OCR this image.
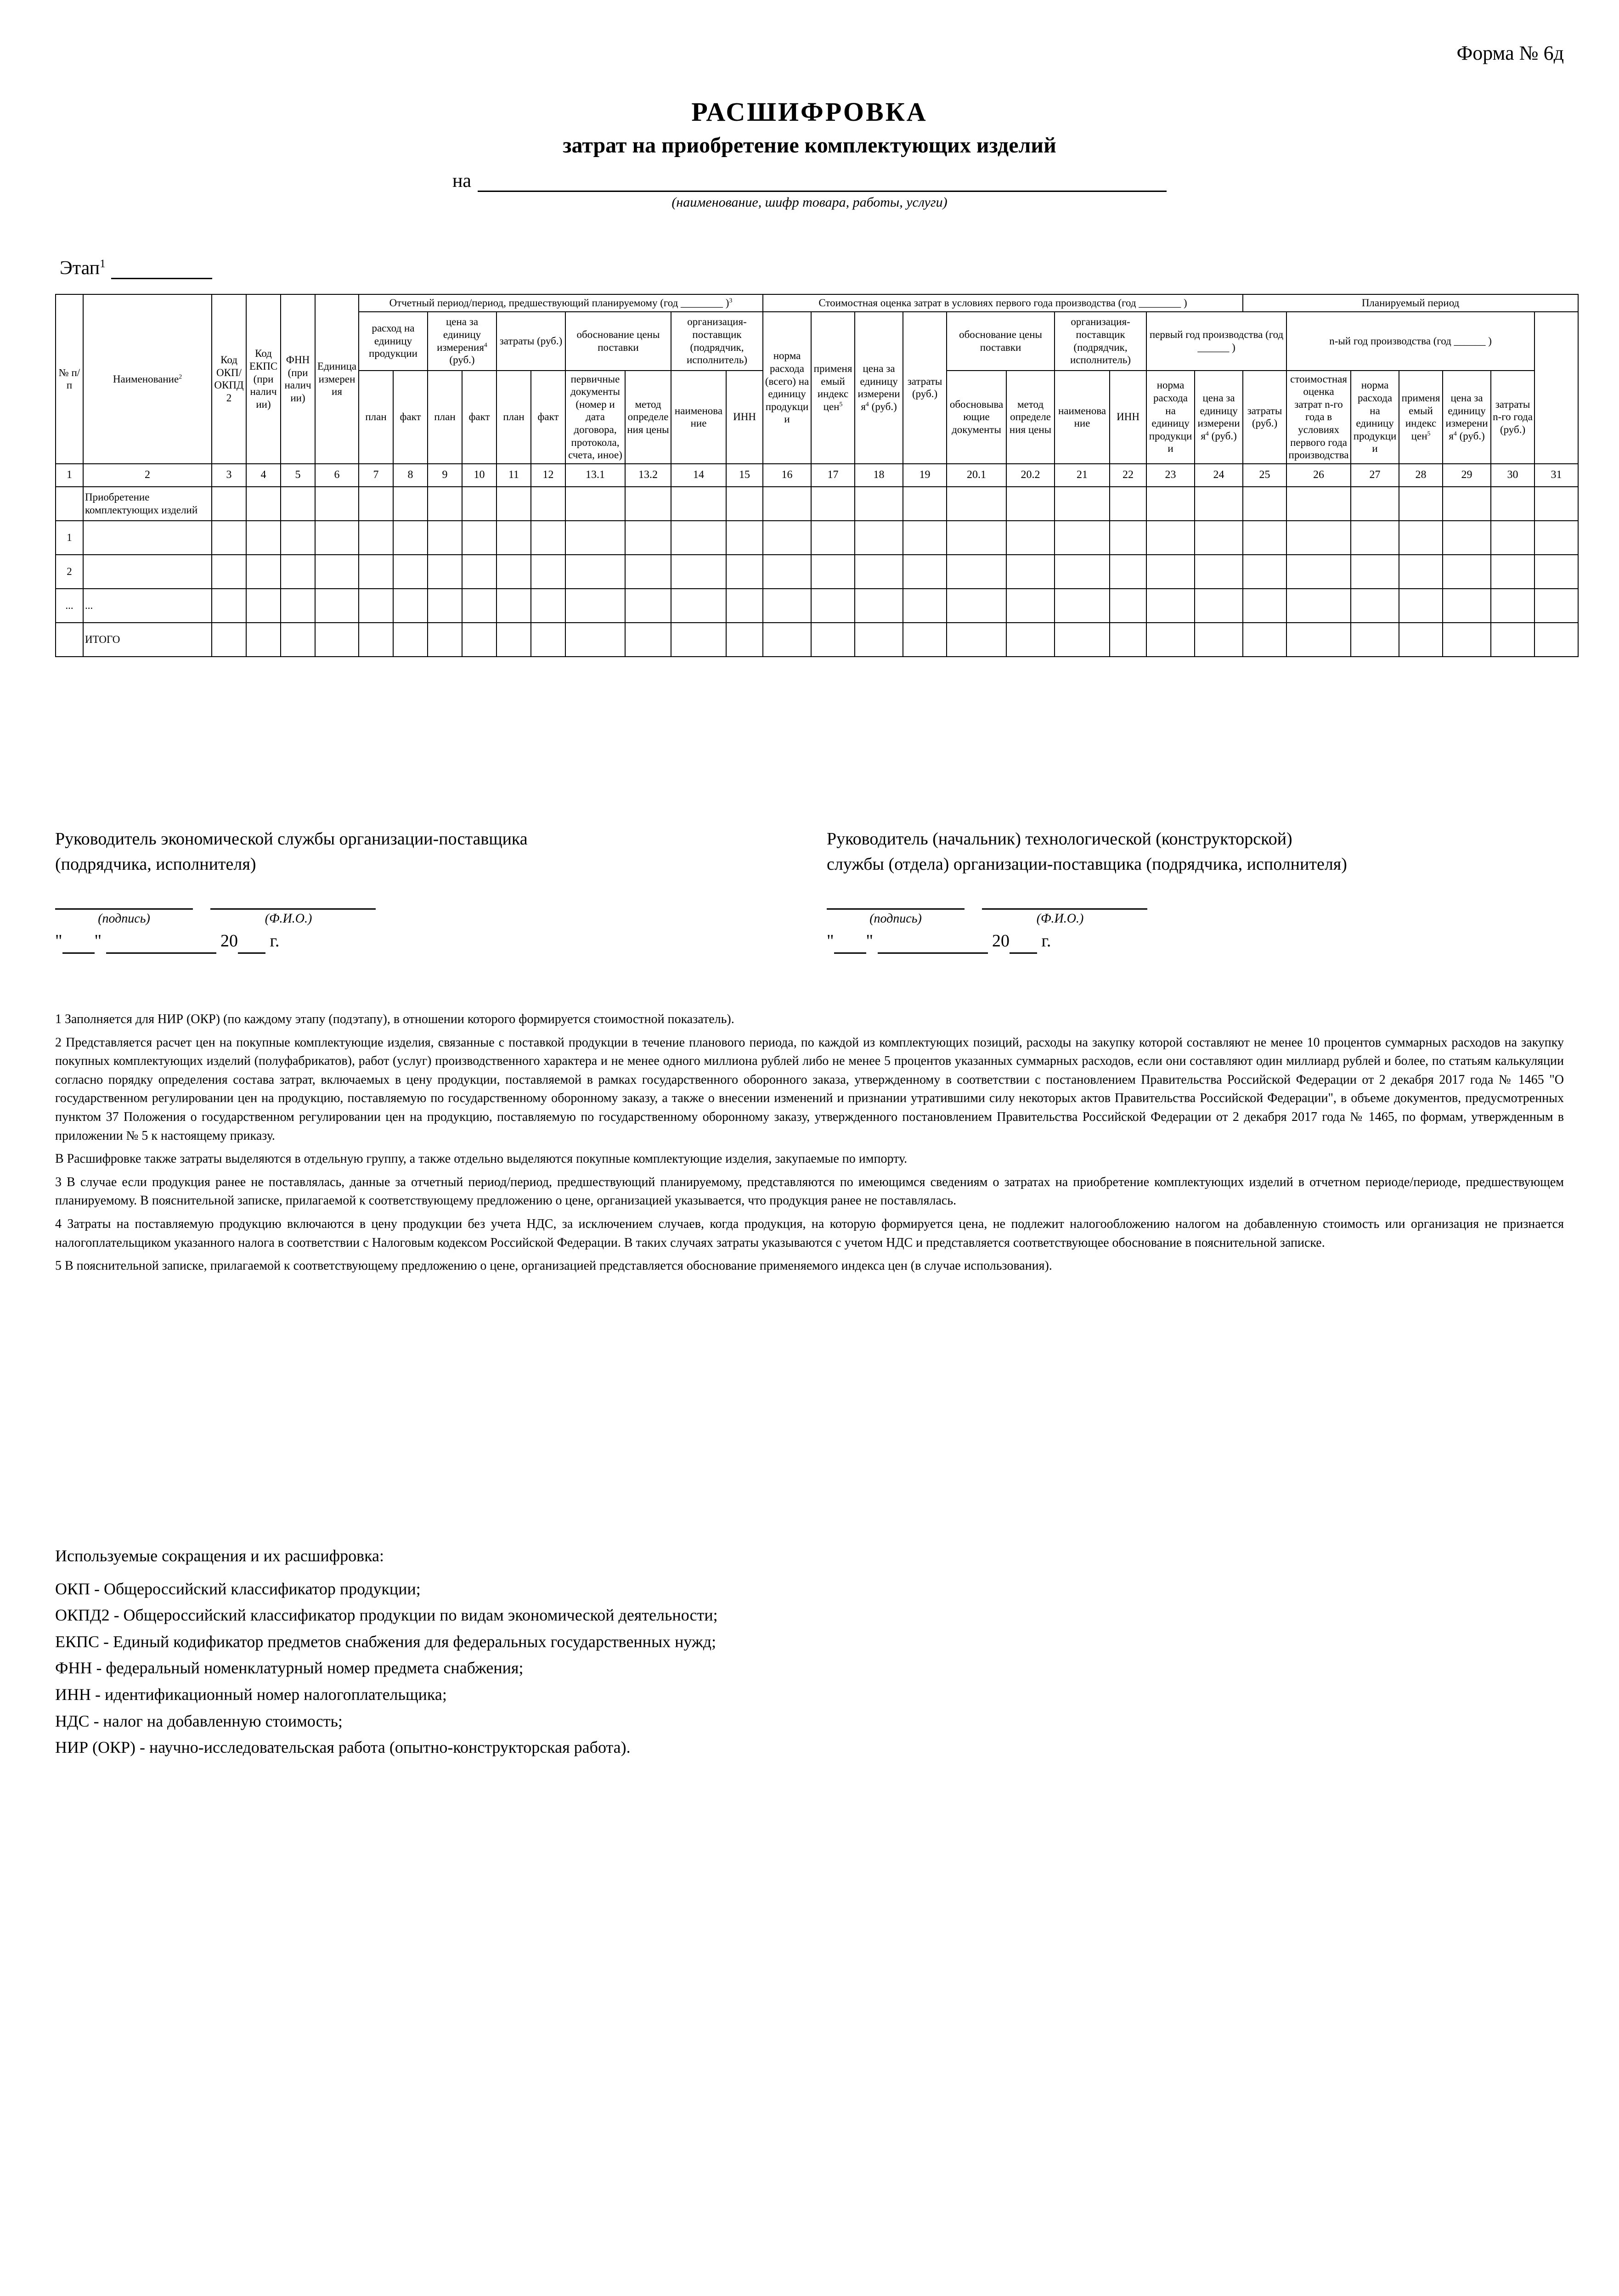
Форма № 6д
РАСШИФРОВКА
затрат на приобретение комплектующих изделий
на
(наименование, шифр товара, работы, услуги)
Этап$^1$
№ п/п	Наименование$^2$	Код ОКП/ОКПД2	Код ЕКПС (при наличии)	ФНН (при наличии)	Единица измерения	Отчетный период/период, предшествующий планируемому (год ________ )$^3$										Стоимостная оценка затрат в условиях первого года производства (год ________ )										Планируемый период	
						расход на единицу продукции		цена за единицу измерения$^4$ (руб.)		затраты (руб.)		обоснование цены поставки		организация-поставщик (подрядчик, исполнитель)		норма расхода (всего) на единицу продукции	применяемый индекс цен$^5$	цена за единицу измерения$^4$ (руб.)	затраты (руб.)	обоснование цены поставки		организация-поставщик (подрядчик, исполнитель)		первый год производства (год ______ )			n-ый год производства (год ______ )						
						план	факт	план	факт	план	факт	первичные документы (номер и дата договора, протокола, счета, иное)	метод определения цены	наименование	ИНН					обосновывающие документы	метод определения цены	наименование	ИНН	норма расхода на единицу продукции	цена за единицу измерения$^4$ (руб.)	затраты (руб.)	стоимостная оценка затрат n-го года в условиях первого года производства	норма расхода на единицу продукции	применяемый индекс цен$^5$	цена за единицу измерения$^4$ (руб.)	затраты n-го года (руб.)		
1	2	3	4	5	6	7	8	9	10	11	12	13.1	13.2	14	15	16	17	18	19	20.1	20.2	21	22	23	24	25	26	27	28	29	30	31	
	Приобретение комплектующих изделий																																
1																																	
2																																	
...	...																																
	ИТОГО																																
Руководитель экономической службы организации-поставщика
(подрядчика, исполнителя)

(подпись)	(Ф.И.О.)
" "	20 г.
Руководитель (начальник) технологической (конструкторской)
службы (отдела) организации-поставщика (подрядчика, исполнителя)

(подпись)	(Ф.И.О.)
" "	20 г.

1 Заполняется для НИР (ОКР) (по каждому этапу (подэтапу), в отношении которого формируется стоимостной показатель).

2 Представляется расчет цен на покупные комплектующие изделия, связанные с поставкой продукции в течение планового периода, по каждой из комплектующих позиций, расходы на закупку которой составляют не менее 10 процентов суммарных расходов на закупку покупных комплектующих изделий (полуфабрикатов), работ (услуг) производственного характера и не менее одного миллиона рублей либо не менее 5 процентов указанных суммарных расходов, если они составляют один миллиард рублей и более, по статьям калькуляции согласно порядку определения состава затрат, включаемых в цену продукции, поставляемой в рамках государственного оборонного заказа, утвержденному в соответствии с постановлением Правительства Российской Федерации от 2 декабря 2017 года № 1465 "О государственном регулировании цен на продукцию, поставляемую по государственному оборонному заказу, а также о внесении изменений и признании утратившими силу некоторых актов Правительства Российской Федерации", в объеме документов, предусмотренных пунктом 37 Положения о государственном регулировании цен на продукцию, поставляемую по государственному оборонному заказу, утвержденного постановлением Правительства Российской Федерации от 2 декабря 2017 года № 1465, по формам, утвержденным в приложении № 5 к настоящему приказу.

В Расшифровке также затраты выделяются в отдельную группу, а также отдельно выделяются покупные комплектующие изделия, закупаемые по импорту.

3 В случае если продукция ранее не поставлялась, данные за отчетный период/период, предшествующий планируемому, представляются по имеющимся сведениям о затратах на приобретение комплектующих изделий в отчетном периоде/периоде, предшествующем планируемому. В пояснительной записке, прилагаемой к соответствующему предложению о цене, организацией указывается, что продукция ранее не поставлялась.

4 Затраты на поставляемую продукцию включаются в цену продукции без учета НДС, за исключением случаев, когда продукция, на которую формируется цена, не подлежит налогообложению налогом на добавленную стоимость или организация не признается налогоплательщиком указанного налога в соответствии с Налоговым кодексом Российской Федерации. В таких случаях затраты указываются с учетом НДС и представляется соответствующее обоснование в пояснительной записке.

5 В пояснительной записке, прилагаемой к соответствующему предложению о цене, организацией представляется обоснование применяемого индекса цен (в случае использования).

Используемые сокращения и их расшифровка:
ОКП - Общероссийский классификатор продукции;
ОКПД2 - Общероссийский классификатор продукции по видам экономической деятельности;
ЕКПС - Единый кодификатор предметов снабжения для федеральных государственных нужд;
ФНН - федеральный номенклатурный номер предмета снабжения;
ИНН - идентификационный номер налогоплательщика;
НДС - налог на добавленную стоимость;
НИР (ОКР) - научно-исследовательская работа (опытно-конструкторская работа).
